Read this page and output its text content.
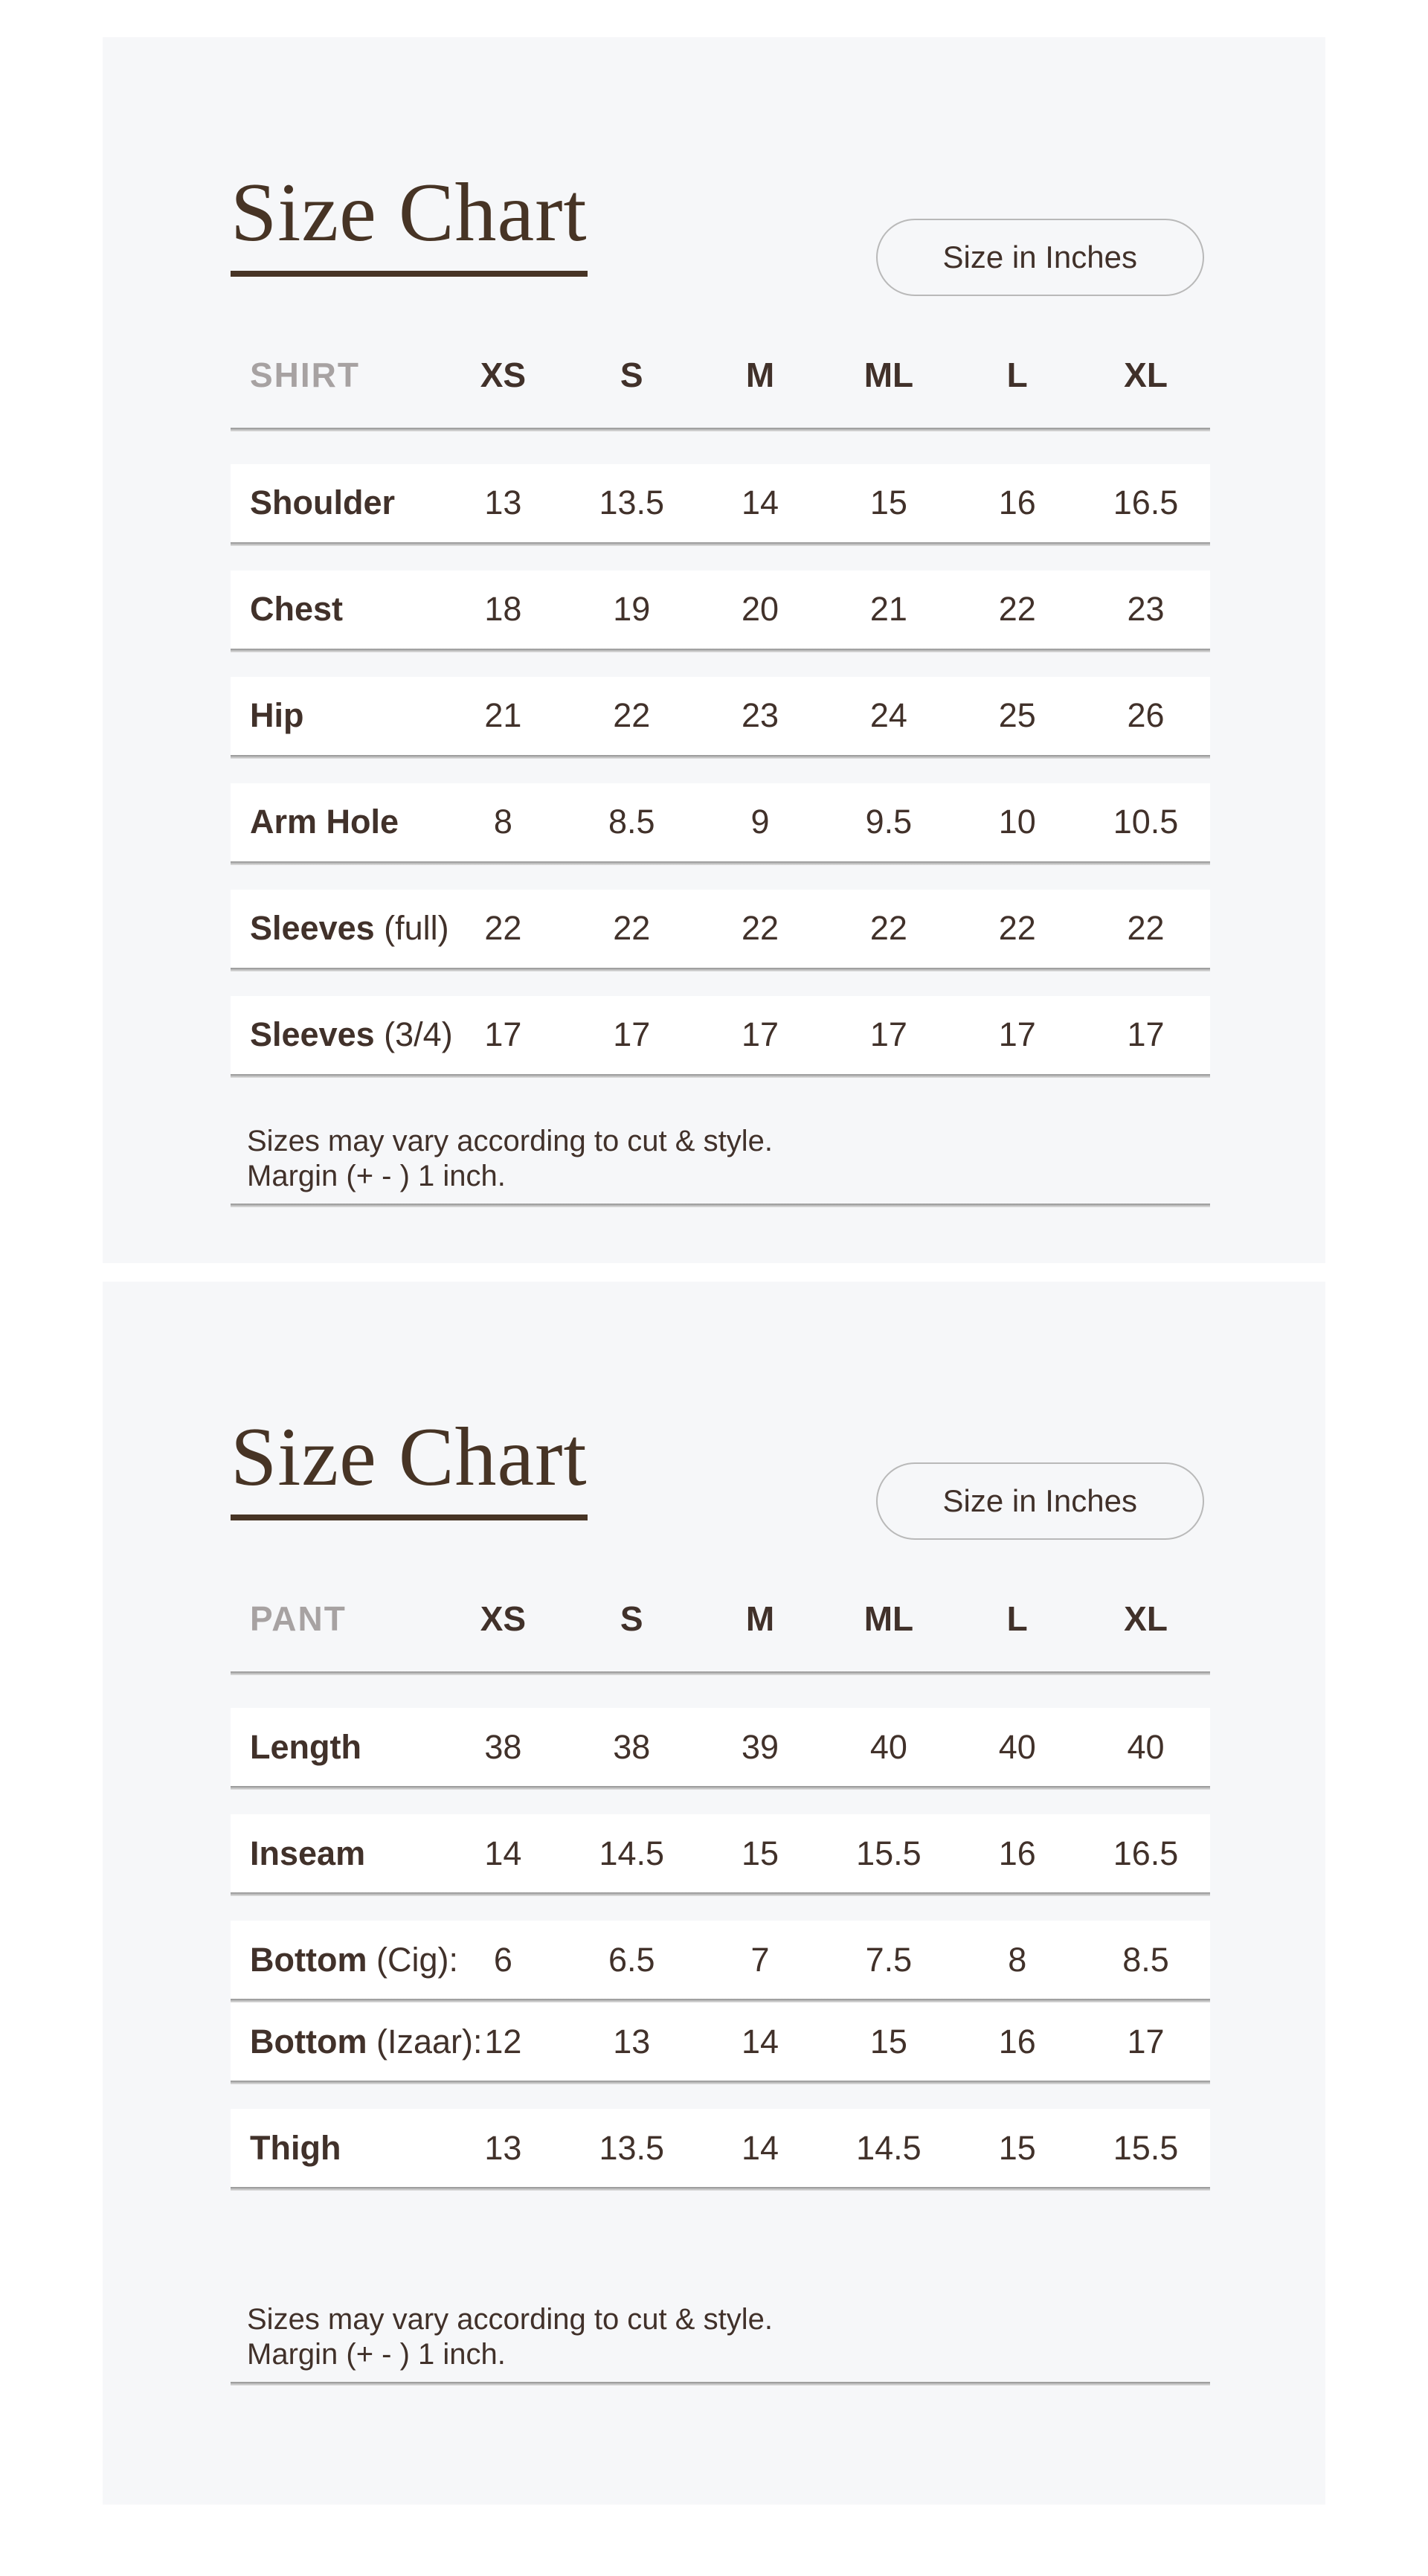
Size Chart	Size in Inches
SHIRT	XS	S	M	ML	L	XL
Shoulder	13	13.5	14	15	16	16.5
Chest	18	19	20	21	22	23
Hip	21	22	23	24	25	26
Arm Hole	8	8.5	9	9.5	10	10.5
Sleeves (full)	22	22	22	22	22	22
Sleeves (3/4) 17	17	17	17	17	17
Sizes may vary according to cut & style.
Margin (+ - ) 1 inch.
Size Chart	Size in Inches
PANT	XS	S	M	ML	L	XL
Length	38	38	39	40	40	40
Inseam	14	14.5	15	15.5	16	16.5
Bottom (Cig):	6	6.5	7	7.5	8	8.5
Bottom (Izaar): 12	13	14	15	16	17
Thigh	13	13.5	14	14.5	15	15.5
Sizes may vary according to cut & style.
Margin (+ - ) 1 inch.
